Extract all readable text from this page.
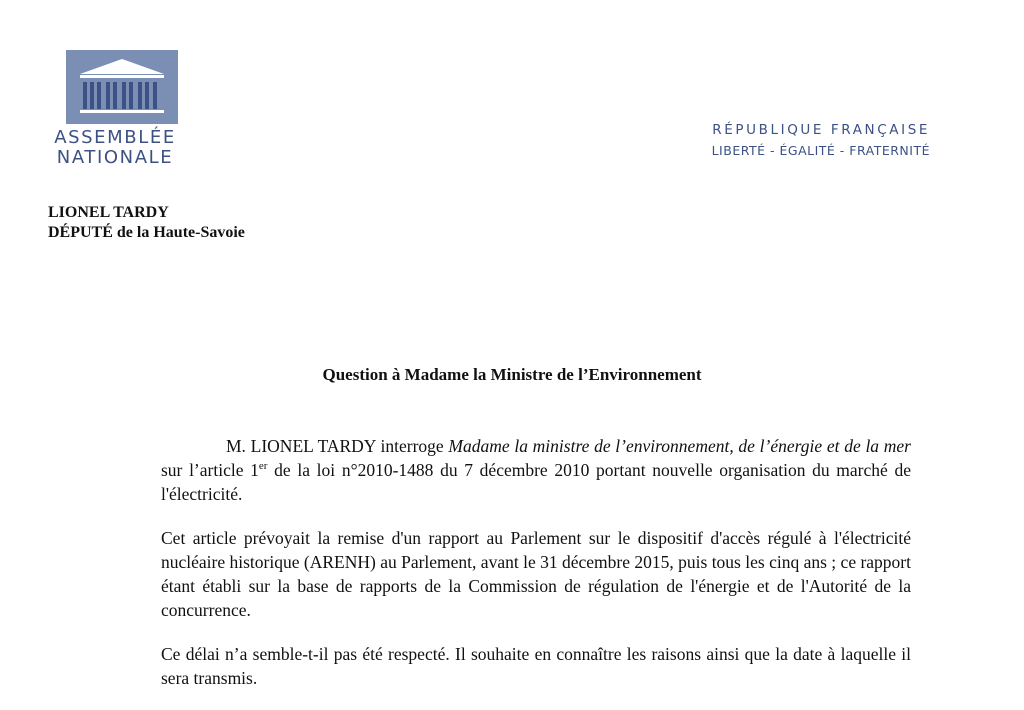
ASSEMBLÉE
NATIONALE
RÉPUBLIQUE FRANÇAISE
LIBERTÉ - ÉGALITÉ - FRATERNITÉ
LIONEL TARDY
DÉPUTÉ de la Haute-Savoie
Question à Madame la Ministre de l’Environnement

M. LIONEL TARDY interroge Madame la ministre de l’environnement, de l’énergie et de la mer sur l’article 1er de la loi n°2010-1488 du 7 décembre 2010 portant nouvelle organisation du marché de l'électricité.

Cet article prévoyait la remise d'un rapport au Parlement sur le dispositif d'accès régulé à l'électricité nucléaire historique (ARENH) au Parlement, avant le 31 décembre 2015, puis tous les cinq ans ; ce rapport étant établi sur la base de rapports de la Commission de régulation de l'énergie et de l'Autorité de la concurrence.

Ce délai n’a semble-t-il pas été respecté. Il souhaite en connaître les raisons ainsi que la date à laquelle il sera transmis.
